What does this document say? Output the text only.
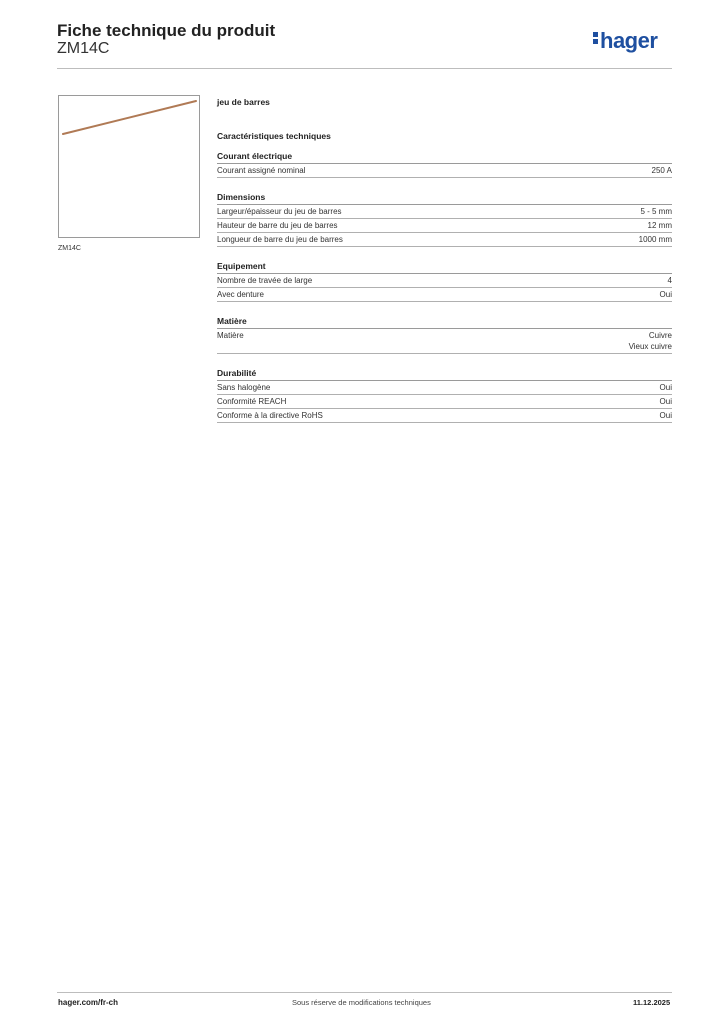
Fiche technique du produit
ZM14C	hager
ZM14C
jeu de barres
Caractéristiques techniques
Courant électrique
Courant assigné nominal	250 A
Dimensions
Largeur/épaisseur du jeu de barres	5 - 5 mm
Hauteur de barre du jeu de barres	12 mm
Longueur de barre du jeu de barres	1000 mm
Equipement
Nombre de travée de large	4
Avec denture	Oui
Matière
Matière	Cuivre
Vieux cuivre
Durabilité
Sans halogène	Oui
Conformité REACH	Oui
Conforme à la directive RoHS	Oui
hager.com/fr-ch	Sous réserve de modifications techniques	11.12.2025
